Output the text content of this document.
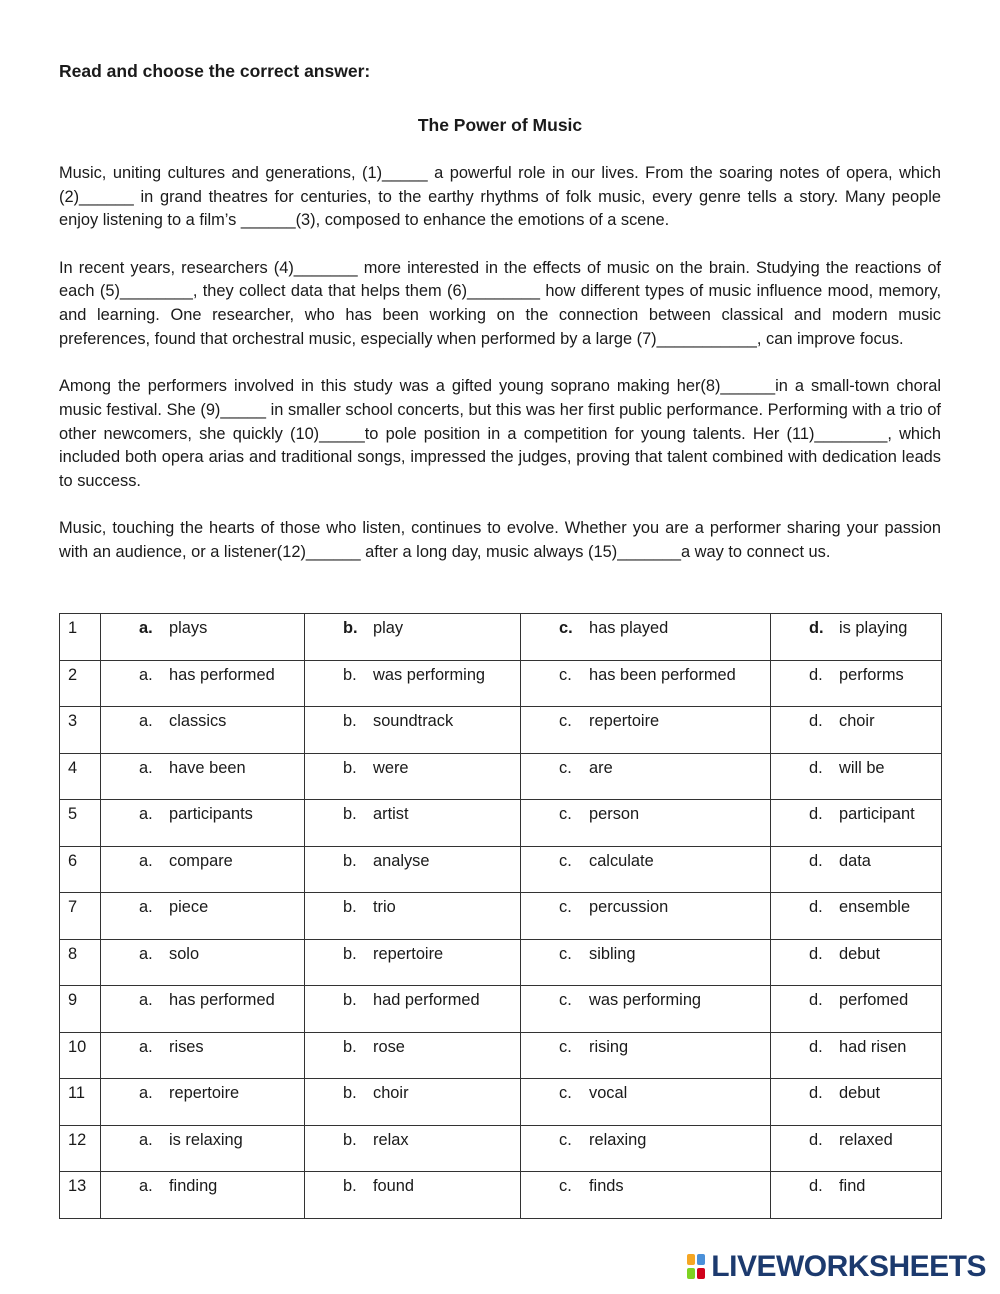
Read and choose the correct answer:

The Power of Music

Music, uniting cultures and generations, (1)_____ a powerful role in our lives. From the soaring notes of opera, which (2)______ in grand theatres for centuries, to the earthy rhythms of folk music, every genre tells a story. Many people enjoy listening to a film’s ______(3), composed to enhance the emotions of a scene.

In recent years, researchers (4)_______ more interested in the effects of music on the brain. Studying the reactions of each (5)________, they collect data that helps them (6)________ how different types of music influence mood, memory, and learning. One researcher, who has been working on the connection between classical and modern music preferences, found that orchestral music, especially when performed by a large (7)___________, can improve focus.

Among the performers involved in this study was a gifted young soprano making her(8)______in a small-town choral music festival. She (9)_____ in smaller school concerts, but this was her first public performance. Performing with a trio of other newcomers, she quickly (10)_____to pole position in a competition for young talents. Her (11)________, which included both opera arias and traditional songs, impressed the judges, proving that talent combined with dedication leads to success.

Music, touching the hearts of those who listen, continues to evolve. Whether you are a performer sharing your passion with an audience, or a listener(12)______ after a long day, music always (15)_______a way to connect us.

1	a. plays	b. play	c. has played	d. is playing
2	a. has performed	b. was performing	c. has been performed	d. performs
3	a. classics	b. soundtrack	c. repertoire	d. choir
4	a. have been	b. were	c. are	d. will be
5	a. participants	b. artist	c. person	d. participant
6	a. compare	b. analyse	c. calculate	d. data
7	a. piece	b. trio	c. percussion	d. ensemble
8	a. solo	b. repertoire	c. sibling	d. debut
9	a. has performed	b. had performed	c. was performing	d. perfomed
10	a. rises	b. rose	c. rising	d. had risen
11	a. repertoire	b. choir	c. vocal	d. debut
12	a. is relaxing	b. relax	c. relaxing	d. relaxed
13	a. finding	b. found	c. finds	d. find
LIVEWORKSHEETS
